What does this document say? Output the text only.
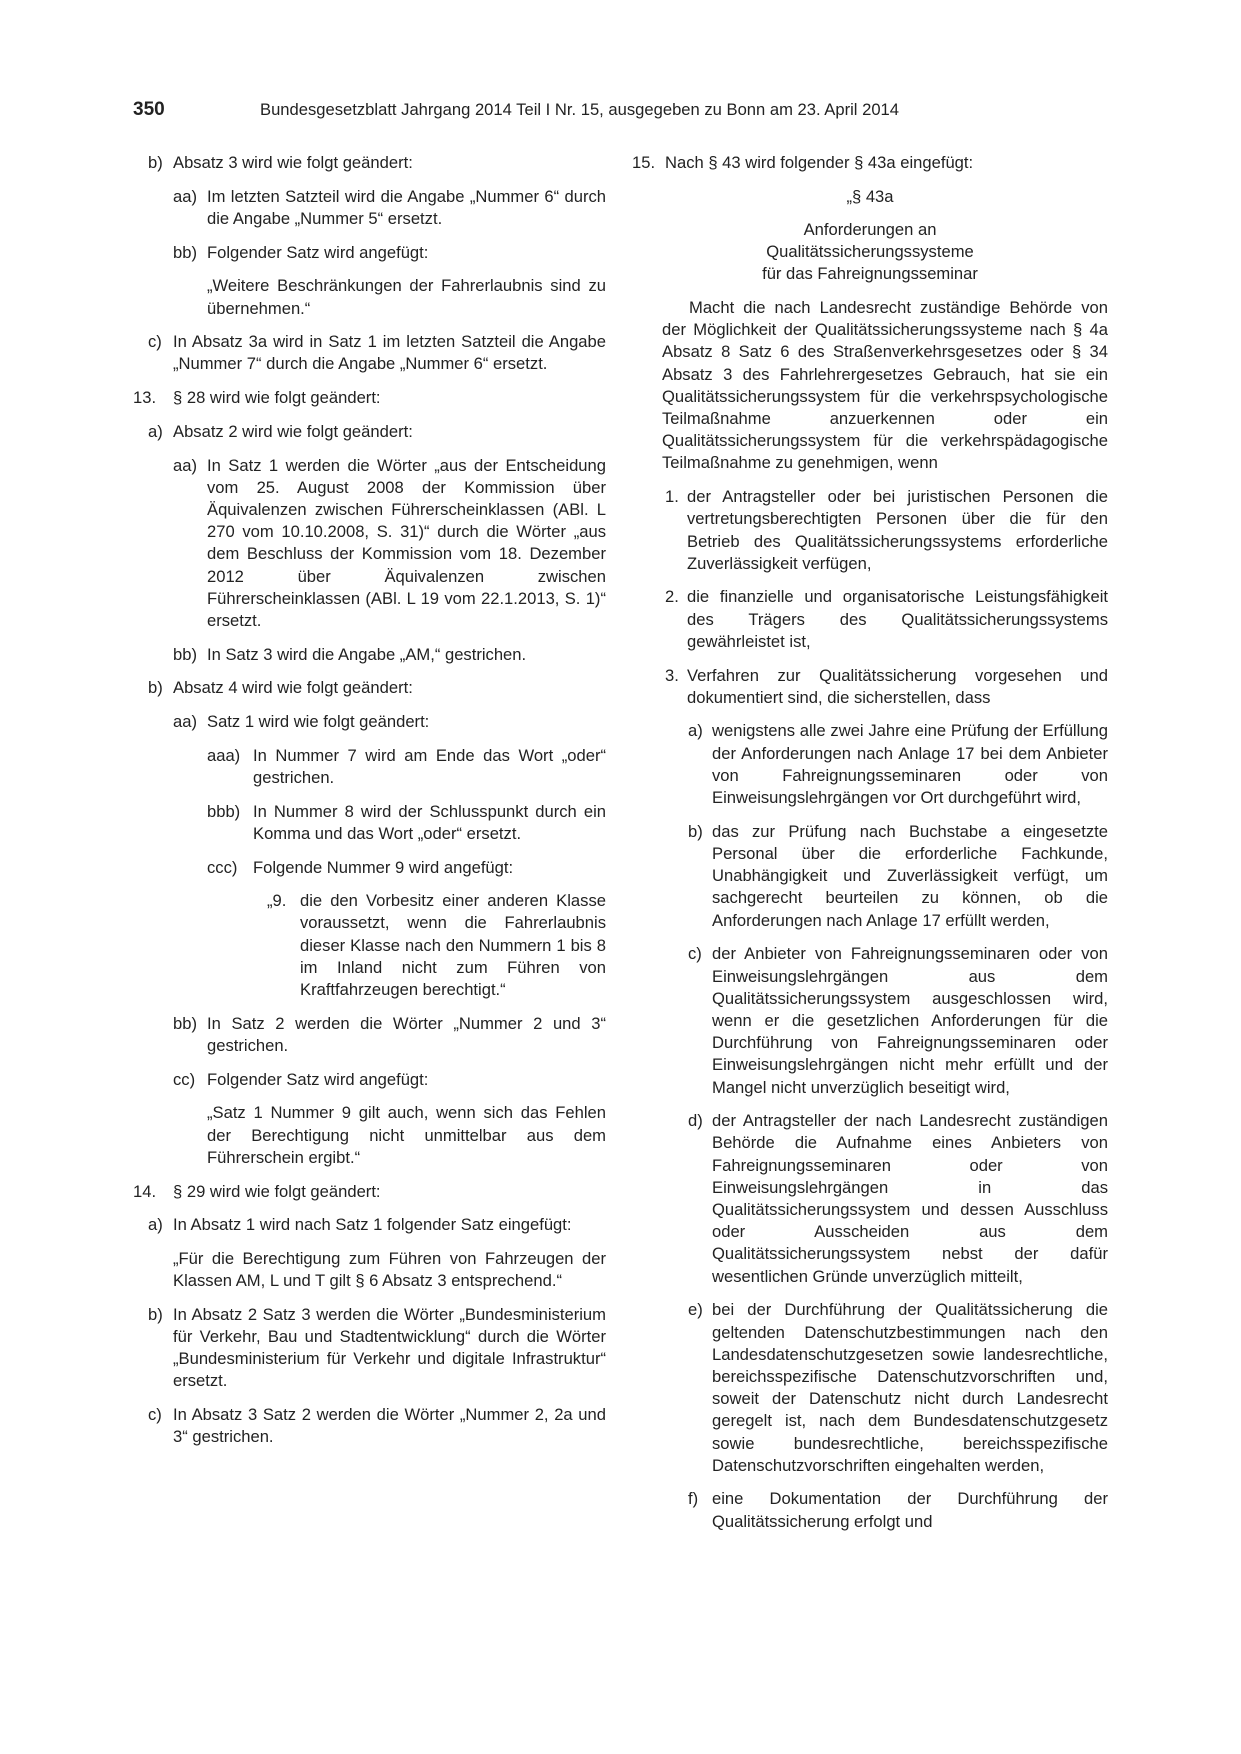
350	Bundesgesetzblatt Jahrgang 2014 Teil I Nr. 15, ausgegeben zu Bonn am 23. April 2014
b) Absatz 3 wird wie folgt geändert:
aa) Im letzten Satzteil wird die Angabe „Nummer 6“ durch die Angabe „Nummer 5“ ersetzt.
bb) Folgender Satz wird angefügt:
„Weitere Beschränkungen der Fahrerlaubnis sind zu übernehmen.“
c) In Absatz 3a wird in Satz 1 im letzten Satzteil die Angabe „Nummer 7“ durch die Angabe „Nummer 6“ ersetzt.
13. § 28 wird wie folgt geändert:
a) Absatz 2 wird wie folgt geändert:
aa) In Satz 1 werden die Wörter „aus der Entscheidung vom 25. August 2008 der Kommission über Äquivalenzen zwischen Führerscheinklassen (ABl. L 270 vom 10.10.2008, S. 31)“ durch die Wörter „aus dem Beschluss der Kommission vom 18. Dezember 2012 über Äquivalenzen zwischen Führerscheinklassen (ABl. L 19 vom 22.1.2013, S. 1)“ ersetzt.
bb) In Satz 3 wird die Angabe „AM,“ gestrichen.
b) Absatz 4 wird wie folgt geändert:
aa) Satz 1 wird wie folgt geändert:
aaa) In Nummer 7 wird am Ende das Wort „oder“ gestrichen.
bbb) In Nummer 8 wird der Schlusspunkt durch ein Komma und das Wort „oder“ ersetzt.
ccc) Folgende Nummer 9 wird angefügt:
„9. die den Vorbesitz einer anderen Klasse voraussetzt, wenn die Fahrerlaubnis dieser Klasse nach den Nummern 1 bis 8 im Inland nicht zum Führen von Kraftfahrzeugen berechtigt.“
bb) In Satz 2 werden die Wörter „Nummer 2 und 3“ gestrichen.
cc) Folgender Satz wird angefügt:
„Satz 1 Nummer 9 gilt auch, wenn sich das Fehlen der Berechtigung nicht unmittelbar aus dem Führerschein ergibt.“
14. § 29 wird wie folgt geändert:
a) In Absatz 1 wird nach Satz 1 folgender Satz eingefügt:
„Für die Berechtigung zum Führen von Fahrzeugen der Klassen AM, L und T gilt § 6 Absatz 3 entsprechend.“
b) In Absatz 2 Satz 3 werden die Wörter „Bundesministerium für Verkehr, Bau und Stadtentwicklung“ durch die Wörter „Bundesministerium für Verkehr und digitale Infrastruktur“ ersetzt.
c) In Absatz 3 Satz 2 werden die Wörter „Nummer 2, 2a und 3“ gestrichen.
15. Nach § 43 wird folgender § 43a eingefügt:
„§ 43a
Anforderungen an
Qualitätssicherungssysteme
für das Fahreignungsseminar
Macht die nach Landesrecht zuständige Behörde von der Möglichkeit der Qualitätssicherungssysteme nach § 4a Absatz 8 Satz 6 des Straßenverkehrsgesetzes oder § 34 Absatz 3 des Fahrlehrergesetzes Gebrauch, hat sie ein Qualitätssicherungssystem für die verkehrspsychologische Teilmaßnahme anzuerkennen oder ein Qualitätssicherungssystem für die verkehrspädagogische Teilmaßnahme zu genehmigen, wenn
1. der Antragsteller oder bei juristischen Personen die vertretungsberechtigten Personen über die für den Betrieb des Qualitätssicherungssystems erforderliche Zuverlässigkeit verfügen,
2. die finanzielle und organisatorische Leistungsfähigkeit des Trägers des Qualitätssicherungssystems gewährleistet ist,
3. Verfahren zur Qualitätssicherung vorgesehen und dokumentiert sind, die sicherstellen, dass
a) wenigstens alle zwei Jahre eine Prüfung der Erfüllung der Anforderungen nach Anlage 17 bei dem Anbieter von Fahreignungsseminaren oder von Einweisungslehrgängen vor Ort durchgeführt wird,
b) das zur Prüfung nach Buchstabe a eingesetzte Personal über die erforderliche Fachkunde, Unabhängigkeit und Zuverlässigkeit verfügt, um sachgerecht beurteilen zu können, ob die Anforderungen nach Anlage 17 erfüllt werden,
c) der Anbieter von Fahreignungsseminaren oder von Einweisungslehrgängen aus dem Qualitätssicherungssystem ausgeschlossen wird, wenn er die gesetzlichen Anforderungen für die Durchführung von Fahreignungsseminaren oder Einweisungslehrgängen nicht mehr erfüllt und der Mangel nicht unverzüglich beseitigt wird,
d) der Antragsteller der nach Landesrecht zuständigen Behörde die Aufnahme eines Anbieters von Fahreignungsseminaren oder von Einweisungslehrgängen in das Qualitätssicherungssystem und dessen Ausschluss oder Ausscheiden aus dem Qualitätssicherungssystem nebst der dafür wesentlichen Gründe unverzüglich mitteilt,
e) bei der Durchführung der Qualitätssicherung die geltenden Datenschutzbestimmungen nach den Landesdatenschutzgesetzen sowie landesrechtliche, bereichsspezifische Datenschutzvorschriften und, soweit der Datenschutz nicht durch Landesrecht geregelt ist, nach dem Bundesdatenschutzgesetz sowie bundesrechtliche, bereichsspezifische Datenschutzvorschriften eingehalten werden,
f) eine Dokumentation der Durchführung der Qualitätssicherung erfolgt und
